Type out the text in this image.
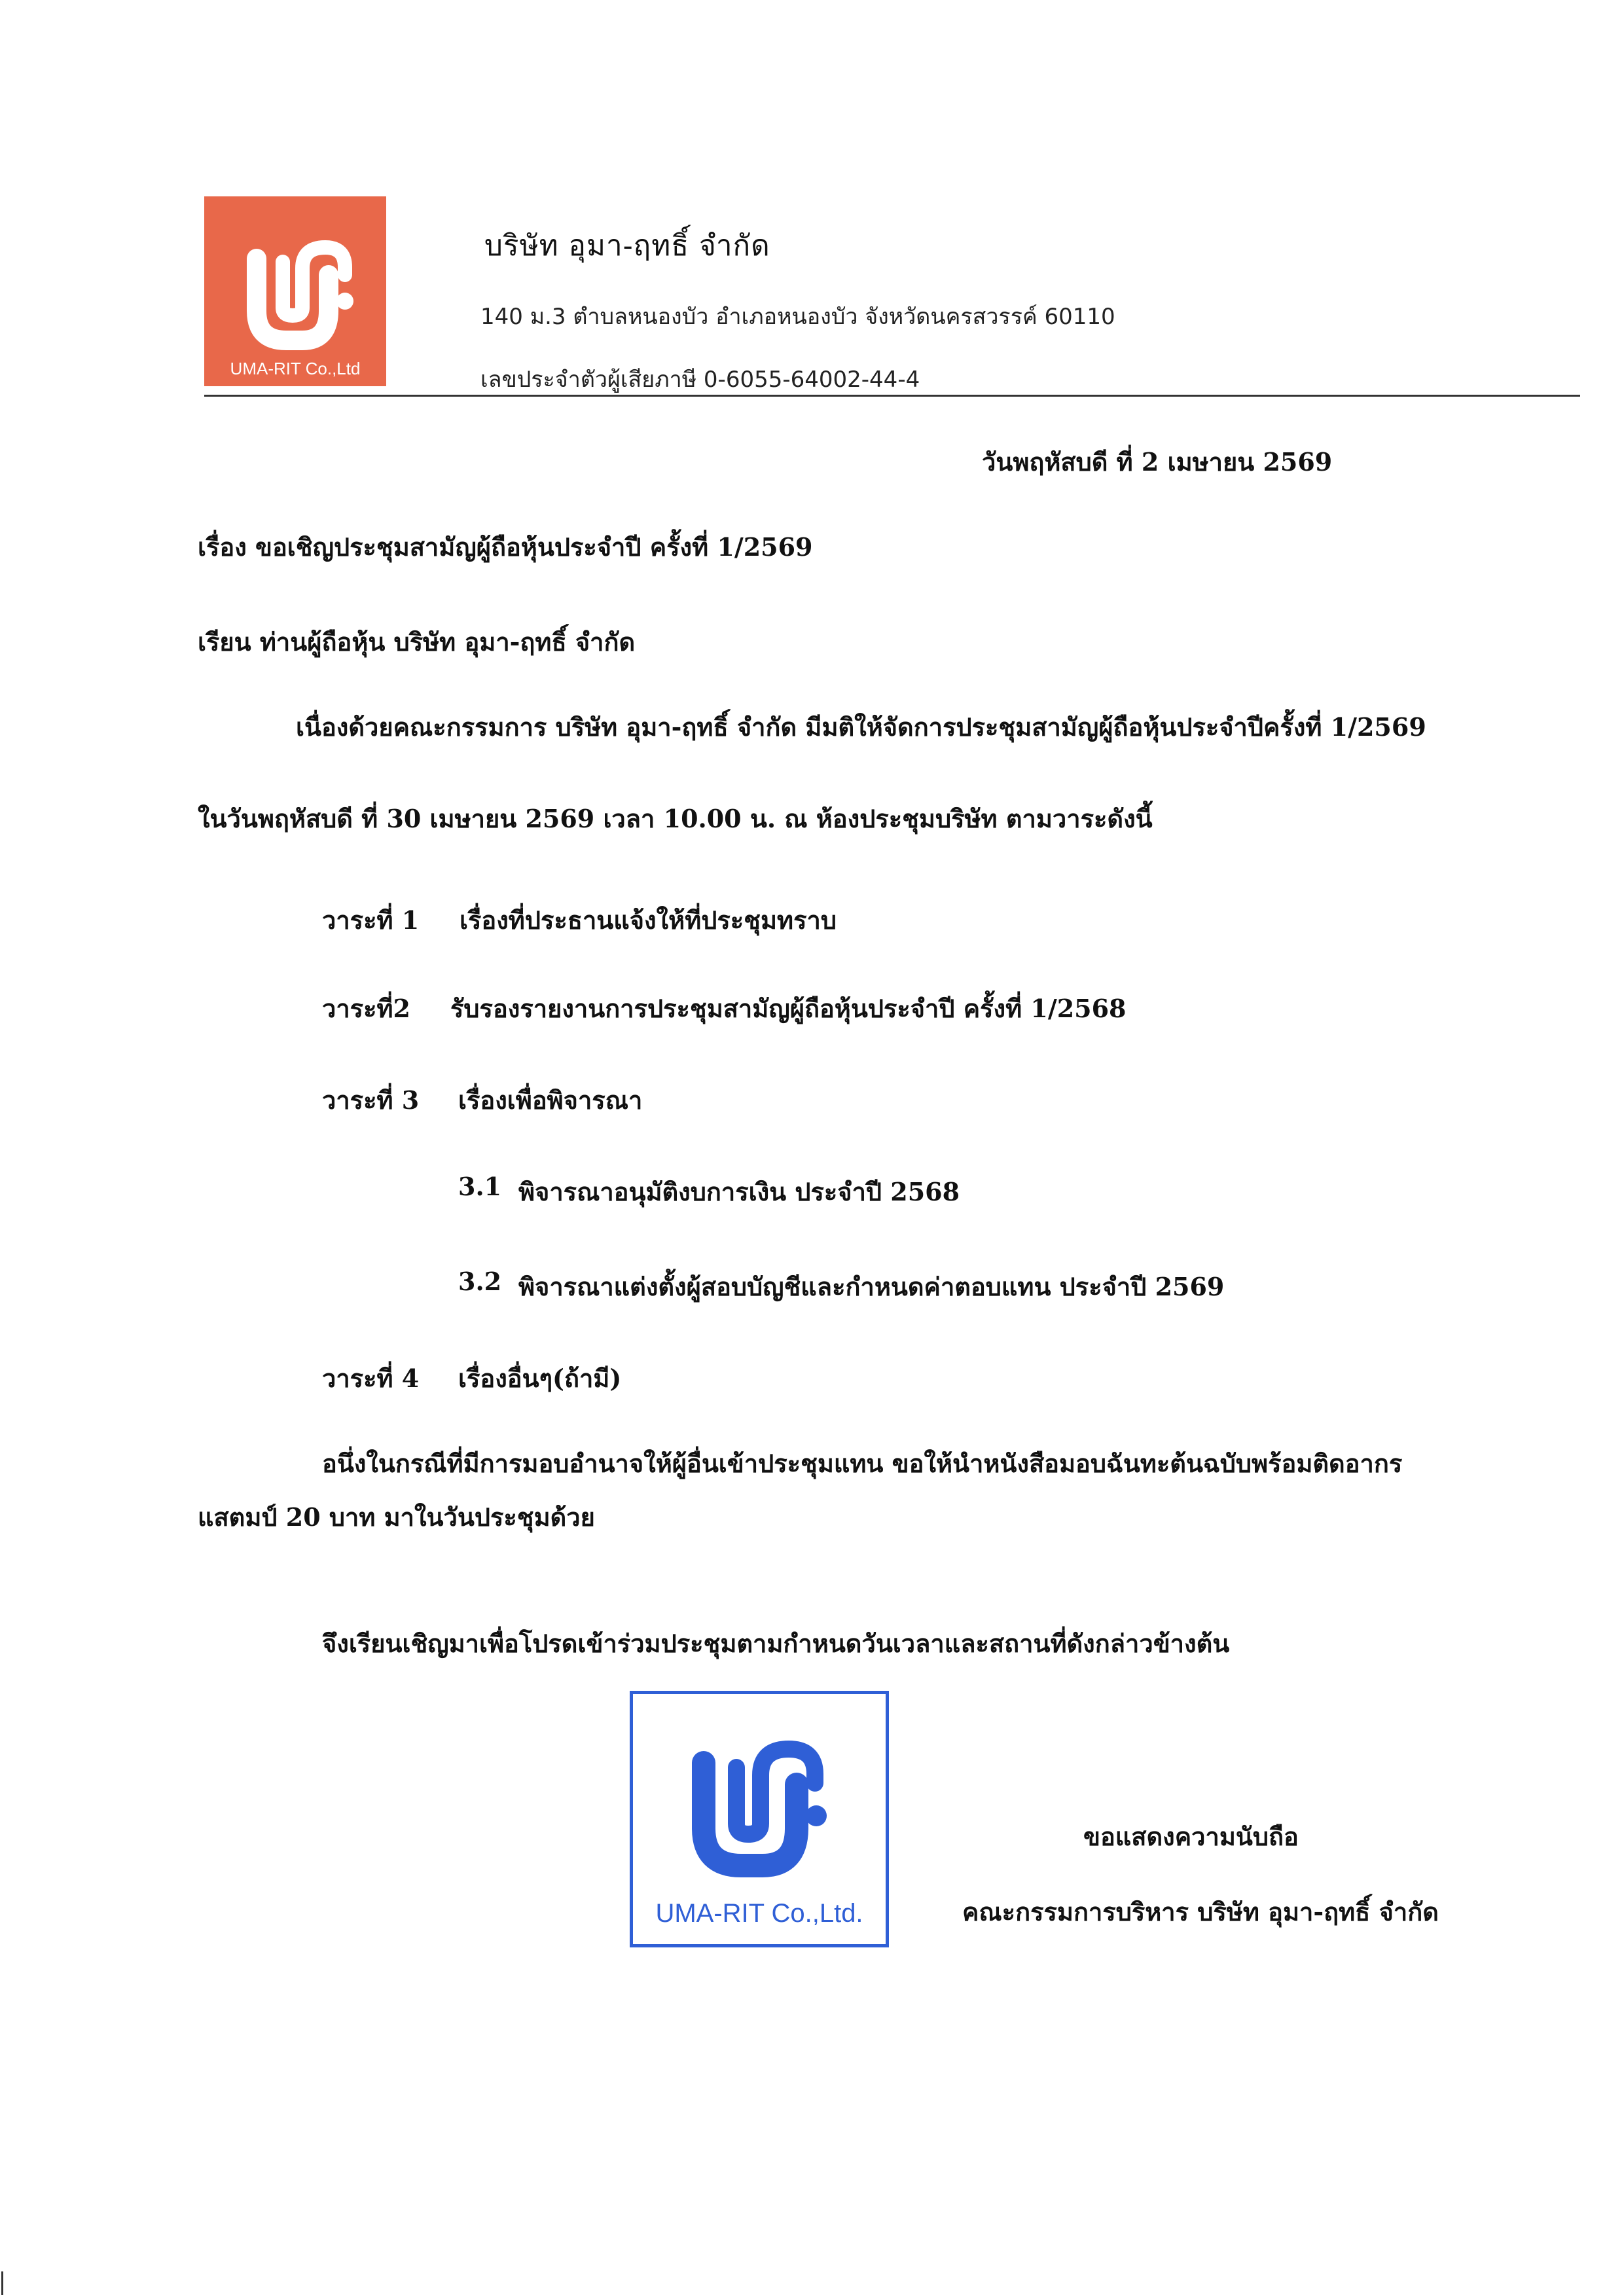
UMA-RIT Co.,Ltd
บริษัท อุมา-ฤทธิ์ จำกัด
140 ม.3 ตำบลหนองบัว อำเภอหนองบัว จังหวัดนครสวรรค์ 60110
เลขประจำตัวผู้เสียภาษี 0-6055-64002-44-4
วันพฤหัสบดี ที่ 2 เมษายน 2569
เรื่อง ขอเชิญประชุมสามัญผู้ถือหุ้นประจำปี ครั้งที่ 1/2569
เรียน ท่านผู้ถือหุ้น บริษัท อุมา-ฤทธิ์ จำกัด
เนื่องด้วยคณะกรรมการ บริษัท อุมา-ฤทธิ์ จำกัด มีมติให้จัดการประชุมสามัญผู้ถือหุ้นประจำปีครั้งที่ 1/2569
ในวันพฤหัสบดี ที่ 30 เมษายน 2569 เวลา 10.00 น. ณ ห้องประชุมบริษัท ตามวาระดังนี้
วาระที่ 1 เรื่องที่ประธานแจ้งให้ที่ประชุมทราบ
วาระที่2 รับรองรายงานการประชุมสามัญผู้ถือหุ้นประจำปี ครั้งที่ 1/2568
วาระที่ 3 เรื่องเพื่อพิจารณา
3.1 พิจารณาอนุมัติงบการเงิน ประจำปี 2568
3.2 พิจารณาแต่งตั้งผู้สอบบัญชีและกำหนดค่าตอบแทน ประจำปี 2569
วาระที่ 4 เรื่องอื่นๆ(ถ้ามี)
อนึ่งในกรณีที่มีการมอบอำนาจให้ผู้อื่นเข้าประชุมแทน ขอให้นำหนังสือมอบฉันทะต้นฉบับพร้อมติดอากร
แสตมป์ 20 บาท มาในวันประชุมด้วย
จึงเรียนเชิญมาเพื่อโปรดเข้าร่วมประชุมตามกำหนดวันเวลาและสถานที่ดังกล่าวข้างต้น
UMA-RIT Co.,Ltd.
ขอแสดงความนับถือ
คณะกรรมการบริหาร บริษัท อุมา-ฤทธิ์ จำกัด
